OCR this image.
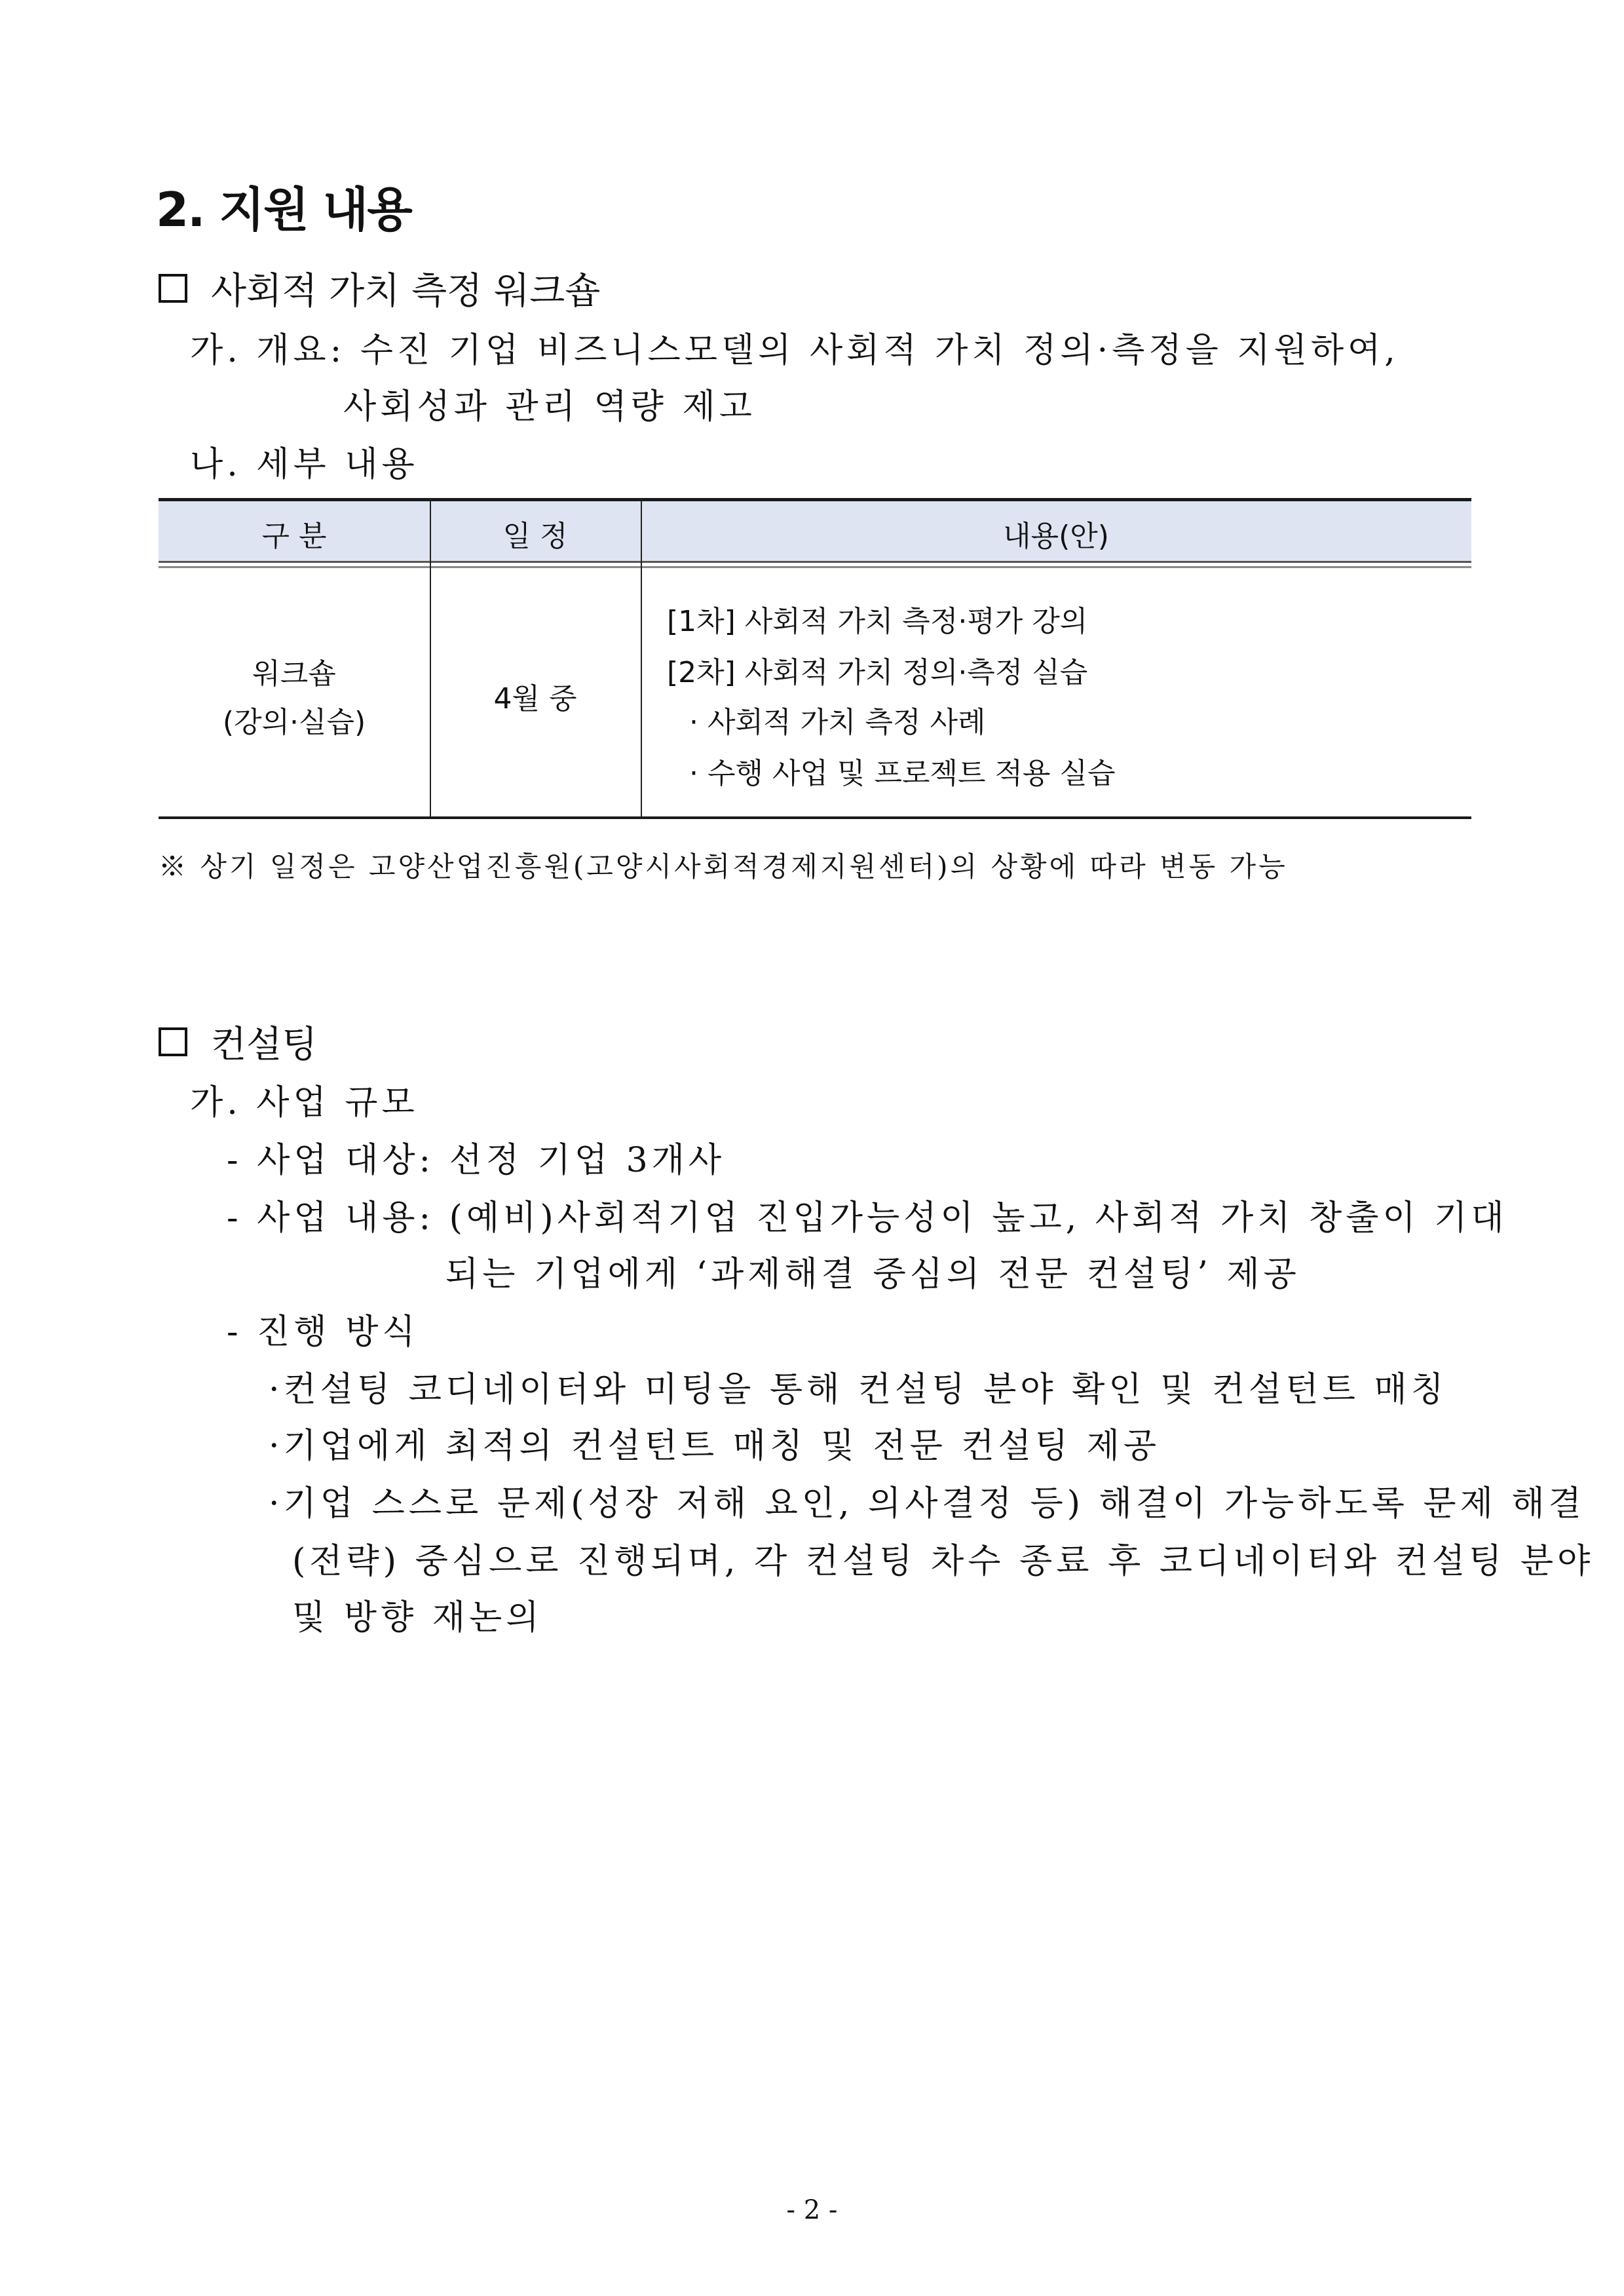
2. 지원 내용
사회적 가치 측정 워크숍
가. 개요: 수진 기업 비즈니스모델의 사회적 가치 정의·측정을 지원하여,
사회성과 관리 역량 제고
나. 세부 내용
구 분	일 정	내용(안)
워크숍
(강의·실습)
4월 중
[1차] 사회적 가치 측정·평가 강의
[2차] 사회적 가치 정의·측정 실습
· 사회적 가치 측정 사례
· 수행 사업 및 프로젝트 적용 실습
※ 상기 일정은 고양산업진흥원(고양시사회적경제지원센터)의 상황에 따라 변동 가능
컨설팅
가. 사업 규모
- 사업 대상: 선정 기업 3개사
- 사업 내용: (예비)사회적기업 진입가능성이 높고, 사회적 가치 창출이 기대
되는 기업에게 ‘과제해결 중심의 전문 컨설팅’ 제공
- 진행 방식
·컨설팅 코디네이터와 미팅을 통해 컨설팅 분야 확인 및 컨설턴트 매칭
·기업에게 최적의 컨설턴트 매칭 및 전문 컨설팅 제공
·기업 스스로 문제(성장 저해 요인, 의사결정 등) 해결이 가능하도록 문제 해결
(전략) 중심으로 진행되며, 각 컨설팅 차수 종료 후 코디네이터와 컨설팅 분야
및 방향 재논의
- 2 -
